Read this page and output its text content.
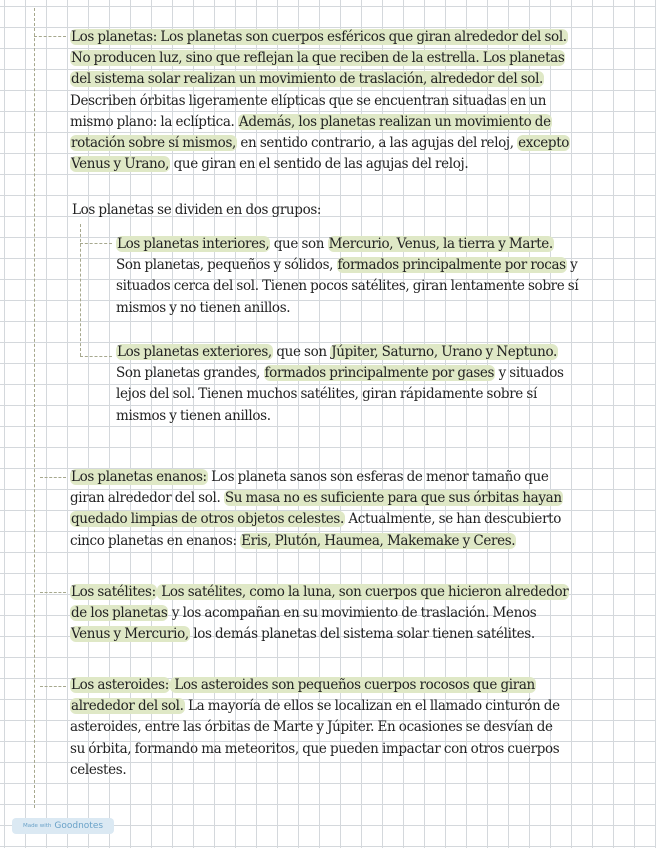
Los planetas: Los planetas son cuerpos esféricos que giran alrededor del sol.
No producen luz, sino que reflejan la que reciben de la estrella. Los planetas
del sistema solar realizan un movimiento de traslación, alrededor del sol.
Describen órbitas ligeramente elípticas que se encuentran situadas en un
mismo plano: la eclíptica. Además, los planetas realizan un movimiento de
rotación sobre sí mismos, en sentido contrario, a las agujas del reloj, excepto
Venus y Urano, que giran en el sentido de las agujas del reloj.
Los planetas se dividen en dos grupos:
Los planetas interiores, que son Mercurio, Venus, la tierra y Marte.
Son planetas, pequeños y sólidos, formados principalmente por rocas y
situados cerca del sol. Tienen pocos satélites, giran lentamente sobre sí
mismos y no tienen anillos.
Los planetas exteriores, que son Júpiter, Saturno, Urano y Neptuno.
Son planetas grandes, formados principalmente por gases y situados
lejos del sol. Tienen muchos satélites, giran rápidamente sobre sí
mismos y tienen anillos.
Los planetas enanos: Los planeta sanos son esferas de menor tamaño que
giran alrededor del sol. Su masa no es suficiente para que sus órbitas hayan
quedado limpias de otros objetos celestes. Actualmente, se han descubierto
cinco planetas en enanos: Eris, Plutón, Haumea, Makemake y Ceres.
Los satélites: Los satélites, como la luna, son cuerpos que hicieron alrededor
de los planetas y los acompañan en su movimiento de traslación. Menos
Venus y Mercurio, los demás planetas del sistema solar tienen satélites.
Los asteroides: Los asteroides son pequeños cuerpos rocosos que giran
alrededor del sol. La mayoría de ellos se localizan en el llamado cinturón de
asteroides, entre las órbitas de Marte y Júpiter. En ocasiones se desvían de
su órbita, formando ma meteoritos, que pueden impactar con otros cuerpos
celestes.
Made with Goodnotes
